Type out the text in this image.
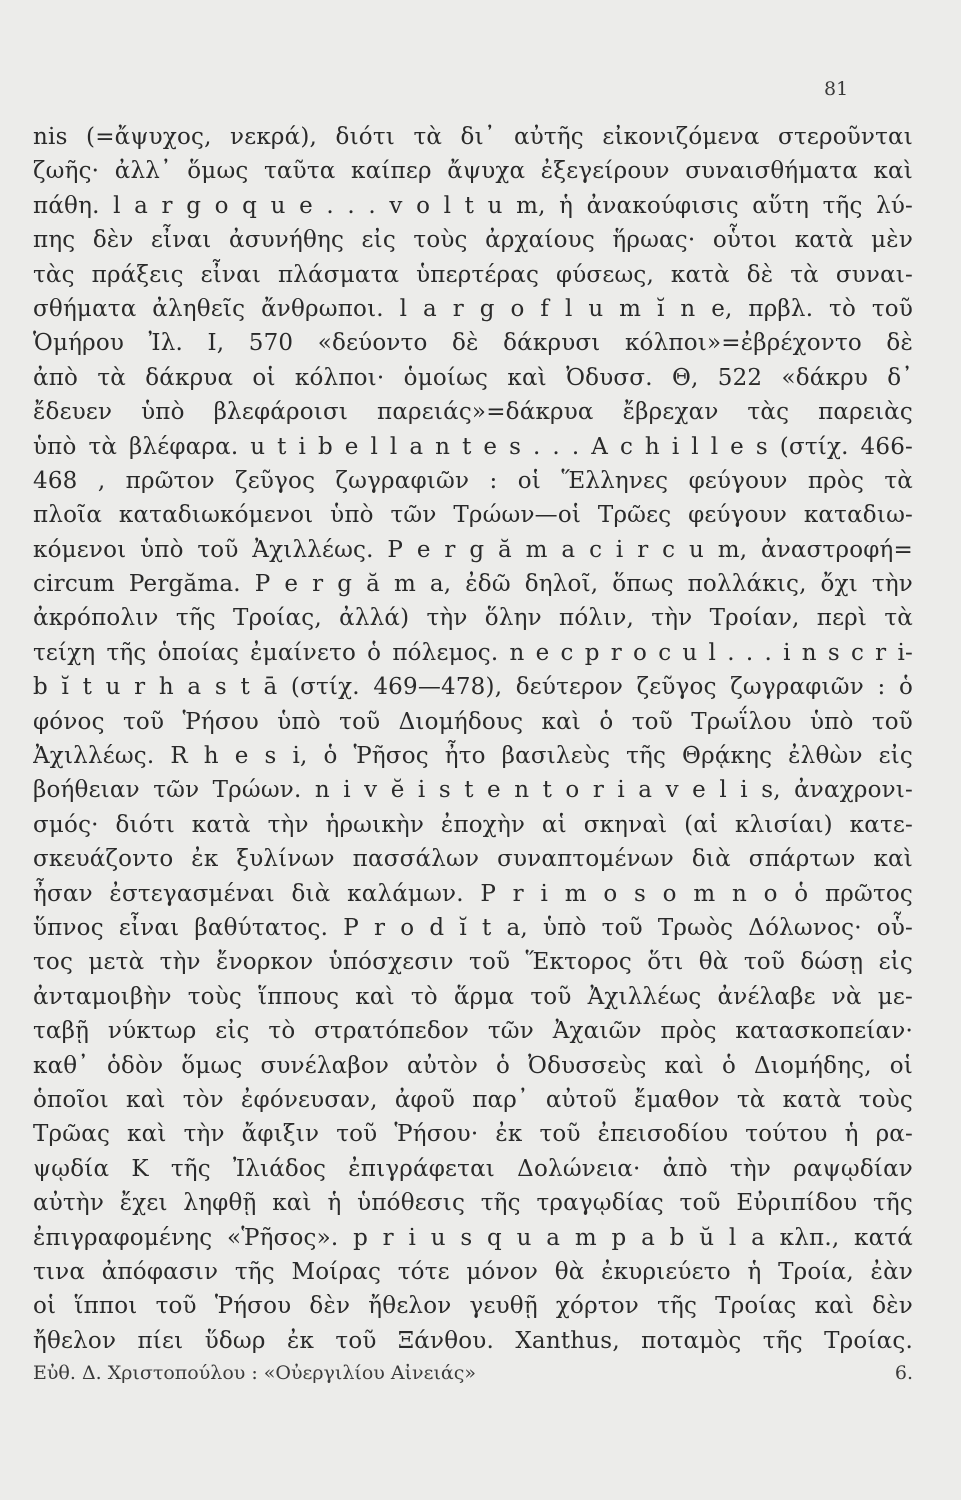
81
nis (=ἄψυχος, νεκρά), διότι τὰ δι᾿ αὐτῆς εἰκονιζόμενα στεροῦνται
ζωῆς· ἀλλ᾿ ὅμως ταῦτα καίπερ ἄψυχα ἐξεγείρουν συναισθήματα καὶ
πάθη. l a r g o q u e . . . v o l t u m, ἡ ἀνακούφισις αὕτη τῆς λύ-
πης δὲν εἶναι ἀσυνήθης εἰς τοὺς ἀρχαίους ἥρωας· οὗτοι κατὰ μὲν
τὰς πράξεις εἶναι πλάσματα ὑπερτέρας φύσεως, κατὰ δὲ τὰ συναι-
σθήματα ἀληθεῖς ἄνθρωποι. l a r g o f l u m ĭ n e, πρβλ. τὸ τοῦ
Ὁμήρου Ἰλ. Ι, 570 «δεύοντο δὲ δάκρυσι κόλποι»=ἐβρέχοντο δὲ
ἀπὸ τὰ δάκρυα οἱ κόλποι· ὁμοίως καὶ Ὀδυσσ. Θ, 522 «δάκρυ δ᾿
ἔδευεν ὑπὸ βλεφάροισι παρειάς»=δάκρυα ἔβρεχαν τὰς παρειὰς
ὑπὸ τὰ βλέφαρα. u t i b e l l a n t e s . . . A c h i l l e s (στίχ. 466-
468 , πρῶτον ζεῦγος ζωγραφιῶν : οἱ Ἕλληνες φεύγουν πρὸς τὰ
πλοῖα καταδιωκόμενοι ὑπὸ τῶν Τρώων—οἱ Τρῶες φεύγουν καταδιω-
κόμενοι ὑπὸ τοῦ Ἀχιλλέως. P e r g ă m a c i r c u m, ἀναστροφή=
circum Pergăma. P e r g ă m a, ἐδῶ δηλοῖ, ὅπως πολλάκις, ὄχι τὴν
ἀκρόπολιν τῆς Τροίας, ἀλλά) τὴν ὅλην πόλιν, τὴν Τροίαν, περὶ τὰ
τείχη τῆς ὁποίας ἐμαίνετο ὁ πόλεμος. n e c p r o c u l . . . i n s c r i-
b ĭ t u r h a s t ā (στίχ. 469—478), δεύτερον ζεῦγος ζωγραφιῶν : ὁ
φόνος τοῦ Ῥήσου ὑπὸ τοῦ Διομήδους καὶ ὁ τοῦ Τρωΐλου ὑπὸ τοῦ
Ἀχιλλέως. R h e s i, ὁ Ῥῆσος ἦτο βασιλεὺς τῆς Θρᾴκης ἐλθὼν εἰς
βοήθειαν τῶν Τρώων. n i v ĕ i s t e n t o r i a v e l i s, ἀναχρονι-
σμός· διότι κατὰ τὴν ἡρωικὴν ἐποχὴν αἱ σκηναὶ (αἱ κλισίαι) κατε-
σκευάζοντο ἐκ ξυλίνων πασσάλων συναπτομένων διὰ σπάρτων καὶ
ἦσαν ἐστεγασμέναι διὰ καλάμων. P r i m o s o m n o ὁ πρῶτος
ὕπνος εἶναι βαθύτατος. P r o d ĭ t a, ὑπὸ τοῦ Τρωὸς Δόλωνος· οὗ-
τος μετὰ τὴν ἔνορκον ὑπόσχεσιν τοῦ Ἕκτορος ὅτι θὰ τοῦ δώσῃ εἰς
ἀνταμοιβὴν τοὺς ἵππους καὶ τὸ ἅρμα τοῦ Ἀχιλλέως ἀνέλαβε νὰ με-
ταβῇ νύκτωρ εἰς τὸ στρατόπεδον τῶν Ἀχαιῶν πρὸς κατασκοπείαν·
καθ᾿ ὁδὸν ὅμως συνέλαβον αὐτὸν ὁ Ὀδυσσεὺς καὶ ὁ Διομήδης, οἱ
ὁποῖοι καὶ τὸν ἐφόνευσαν, ἀφοῦ παρ᾿ αὐτοῦ ἔμαθον τὰ κατὰ τοὺς
Τρῶας καὶ τὴν ἄφιξιν τοῦ Ῥήσου· ἐκ τοῦ ἐπεισοδίου τούτου ἡ ρα-
ψῳδία Κ τῆς Ἰλιάδος ἐπιγράφεται Δολώνεια· ἀπὸ τὴν ραψῳδίαν
αὐτὴν ἔχει ληφθῇ καὶ ἡ ὑπόθεσις τῆς τραγῳδίας τοῦ Εὐριπίδου τῆς
ἐπιγραφομένης «Ῥῆσος». p r i u s q u a m p a b ŭ l a κλπ., κατά
τινα ἀπόφασιν τῆς Μοίρας τότε μόνον θὰ ἐκυριεύετο ἡ Τροία, ἐὰν
οἱ ἵπποι τοῦ Ῥήσου δὲν ἤθελον γευθῇ χόρτον τῆς Τροίας καὶ δὲν
ἤθελον πίει ὕδωρ ἐκ τοῦ Ξάνθου. Xanthus, ποταμὸς τῆς Τροίας.
Εὐθ. Δ. Χριστοπούλου : «Οὐεργιλίου Αἰνειάς»	6.
